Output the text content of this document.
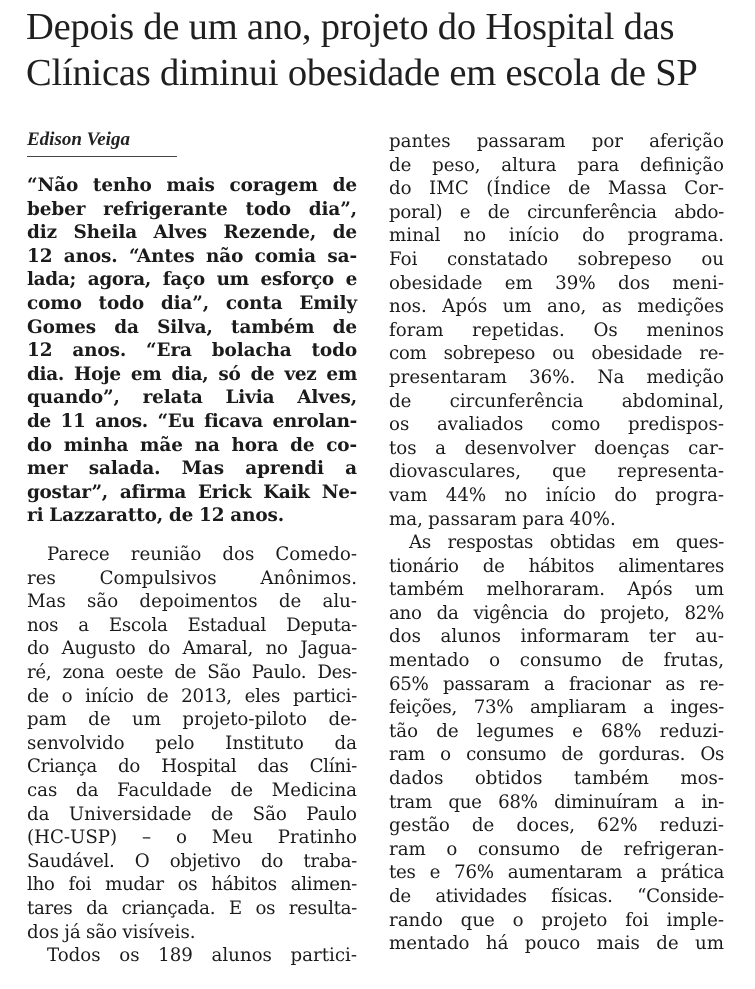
Depois de um ano, projeto do Hospital das
Clínicas diminui obesidade em escola de SP
Edison Veiga
“Não tenho mais coragem de
beber refrigerante todo dia”,
diz Sheila Alves Rezende, de
12 anos. “Antes não comia sa-
lada; agora, faço um esforço e
como todo dia”, conta Emily
Gomes da Silva, também de
12 anos. “Era bolacha todo
dia. Hoje em dia, só de vez em
quando”, relata Livia Alves,
de 11 anos. “Eu ficava enrolan-
do minha mãe na hora de co-
mer salada. Mas aprendi a
gostar”, afirma Erick Kaik Ne-
ri Lazzaratto, de 12 anos.
Parece reunião dos Comedo-
res Compulsivos Anônimos.
Mas são depoimentos de alu-
nos a Escola Estadual Deputa-
do Augusto do Amaral, no Jagua-
ré, zona oeste de São Paulo. Des-
de o início de 2013, eles partici-
pam de um projeto-piloto de-
senvolvido pelo Instituto da
Criança do Hospital das Clíni-
cas da Faculdade de Medicina
da Universidade de São Paulo
(HC-USP) – o Meu Pratinho
Saudável. O objetivo do traba-
lho foi mudar os hábitos alimen-
tares da criançada. E os resulta-
dos já são visíveis.
Todos os 189 alunos partici-
pantes passaram por aferição
de peso, altura para definição
do IMC (Índice de Massa Cor-
poral) e de circunferência abdo-
minal no início do programa.
Foi constatado sobrepeso ou
obesidade em 39% dos meni-
nos. Após um ano, as medições
foram repetidas. Os meninos
com sobrepeso ou obesidade re-
presentaram 36%. Na medição
de circunferência abdominal,
os avaliados como predispos-
tos a desenvolver doenças car-
diovasculares, que representa-
vam 44% no início do progra-
ma, passaram para 40%.
As respostas obtidas em ques-
tionário de hábitos alimentares
também melhoraram. Após um
ano da vigência do projeto, 82%
dos alunos informaram ter au-
mentado o consumo de frutas,
65% passaram a fracionar as re-
feições, 73% ampliaram a inges-
tão de legumes e 68% reduzi-
ram o consumo de gorduras. Os
dados obtidos também mos-
tram que 68% diminuíram a in-
gestão de doces, 62% reduzi-
ram o consumo de refrigeran-
tes e 76% aumentaram a prática
de atividades físicas. “Conside-
rando que o projeto foi imple-
mentado há pouco mais de um
